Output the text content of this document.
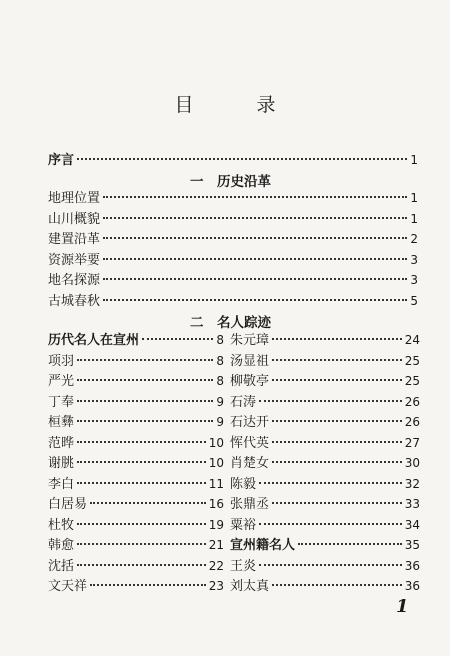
目　录
序言	1
一　历史沿革
地理位置	1
山川概貌	1
建置沿革	2
资源举要	3
地名探源	3
古城春秋	5
二　名人踪迹
历代名人在宣州	8
项羽	8
严光	8
丁奉	9
桓彝	9
范晔	10
谢朓	10
李白	11
白居易	16
杜牧	19
韩愈	21
沈括	22
文天祥	23
朱元璋	24
汤显祖	25
柳敬亭	25
石涛	26
石达开	26
恽代英	27
肖楚女	30
陈毅	32
张鼎丞	33
粟裕	34
宣州籍名人	35
王炎	36
刘太真	36
1
